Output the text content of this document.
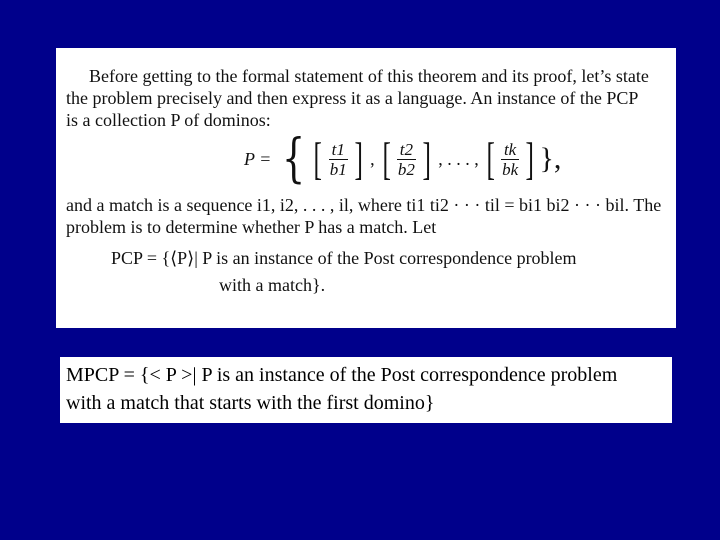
Before getting to the formal statement of this theorem and its proof, let’s state
the problem precisely and then express it as a language. An instance of the PCP
is a collection P of dominos:
P = { [ $\frac{t1}{b1}$ ] , [ $\frac{t2}{b2}$ ] , . . . , [ $\frac{tk}{bk}$ ] },
and a match is a sequence i1, i2, . . . , il, where ti1 ti2 · · · til = bi1 bi2 · · · bil. The
problem is to determine whether P has a match. Let
PCP = {⟨P⟩| P is an instance of the Post correspondence problem
with a match}.
MPCP = {< P >| P is an instance of the Post correspondence problem
with a match that starts with the first domino}
